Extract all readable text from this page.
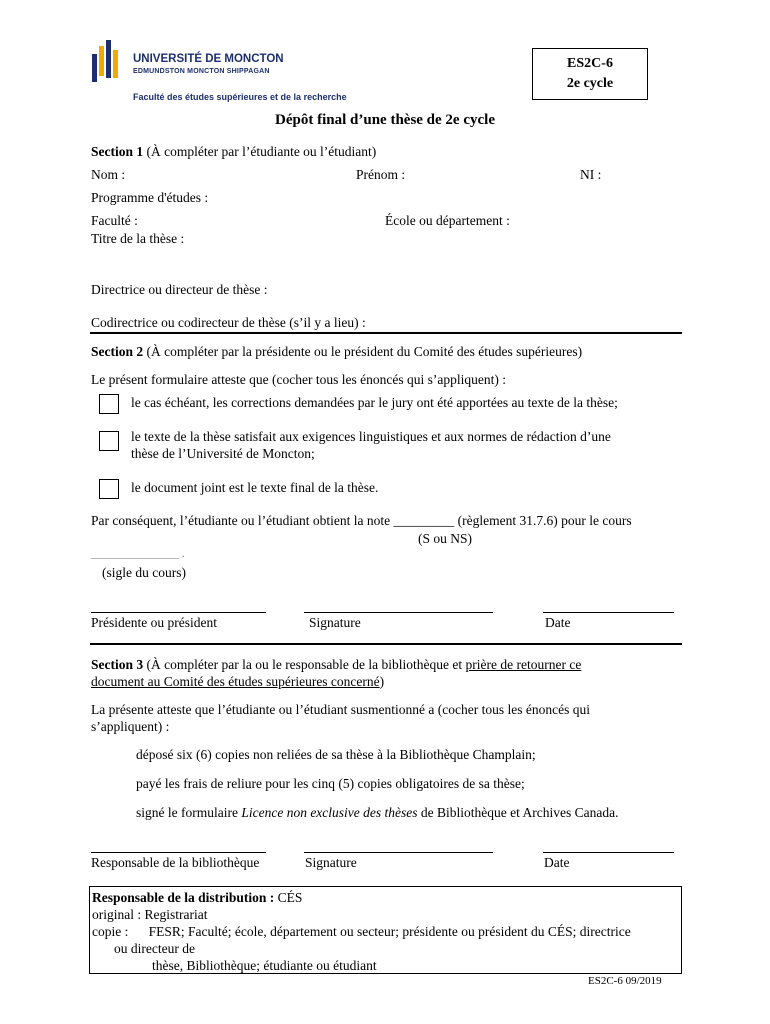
UNIVERSITÉ DE MONCTON
EDMUNDSTON MONCTON SHIPPAGAN
Faculté des études supérieures et de la recherche
ES2C-6
2e cycle
Dépôt final d’une thèse de 2e cycle
Section 1 (À compléter par l’étudiante ou l’étudiant)
Nom :	Prénom :	NI :
Programme d'études :
Faculté :	École ou département :
Titre de la thèse :
Directrice ou directeur de thèse :
Codirectrice ou codirecteur de thèse (s’il y a lieu) :
Section 2 (À compléter par la présidente ou le président du Comité des études supérieures)
Le présent formulaire atteste que (cocher tous les énoncés qui s’appliquent) :
le cas échéant, les corrections demandées par le jury ont été apportées au texte de la thèse;
le texte de la thèse satisfait aux exigences linguistiques et aux normes de rédaction d’une
thèse de l’Université de Moncton;
le document joint est le texte final de la thèse.
Par conséquent, l’étudiante ou l’étudiant obtient la note _________ (règlement 31.7.6) pour le cours
(S ou NS)
________________ .
(sigle du cours)
Présidente ou président	Signature	Date
Section 3 (À compléter par la ou le responsable de la bibliothèque et prière de retourner ce
document au Comité des études supérieures concerné)
La présente atteste que l’étudiante ou l’étudiant susmentionné a (cocher tous les énoncés qui
s’appliquent) :
déposé six (6) copies non reliées de sa thèse à la Bibliothèque Champlain;
payé les frais de reliure pour les cinq (5) copies obligatoires de sa thèse;
signé le formulaire Licence non exclusive des thèses de Bibliothèque et Archives Canada.
Responsable de la bibliothèque	Signature	Date
Responsable de la distribution : CÉS
original : Registrariat
copie :      FESR; Faculté; école, département ou secteur; présidente ou président du CÉS; directrice
ou directeur de
thèse, Bibliothèque; étudiante ou étudiant
ES2C-6 09/2019
